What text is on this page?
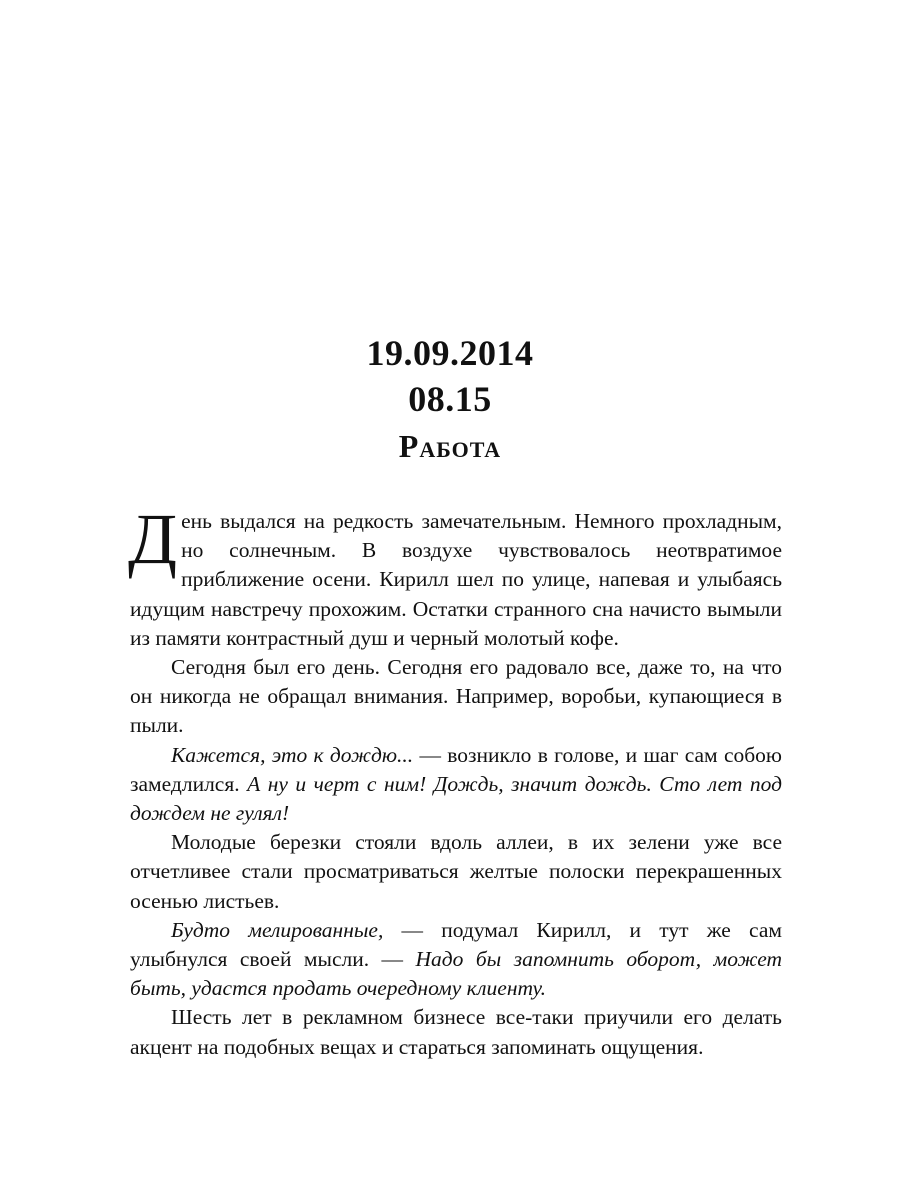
19.09.2014
08.15
Работа

День выдался на редкость замечательным. Немного прохладным, но солнечным. В воздухе чувствовалось неотвратимое приближение осени. Кирилл шел по улице, напевая и улыбаясь идущим навстречу прохожим. Остатки странного сна начисто вымыли из памяти контрастный душ и черный молотый кофе.

Сегодня был его день. Сегодня его радовало все, даже то, на что он никогда не обращал внимания. Например, воробьи, купающиеся в пыли.

Кажется, это к дождю... — возникло в голове, и шаг сам собою замедлился. А ну и черт с ним! Дождь, значит дождь. Сто лет под дождем не гулял!

Молодые березки стояли вдоль аллеи, в их зелени уже все отчетливее стали просматриваться желтые полоски перекрашенных осенью листьев.

Будто мелированные, — подумал Кирилл, и тут же сам улыбнулся своей мысли. — Надо бы запомнить оборот, может быть, удастся продать очередному клиенту.

Шесть лет в рекламном бизнесе все-таки приучили его делать акцент на подобных вещах и стараться запоминать ощущения.
